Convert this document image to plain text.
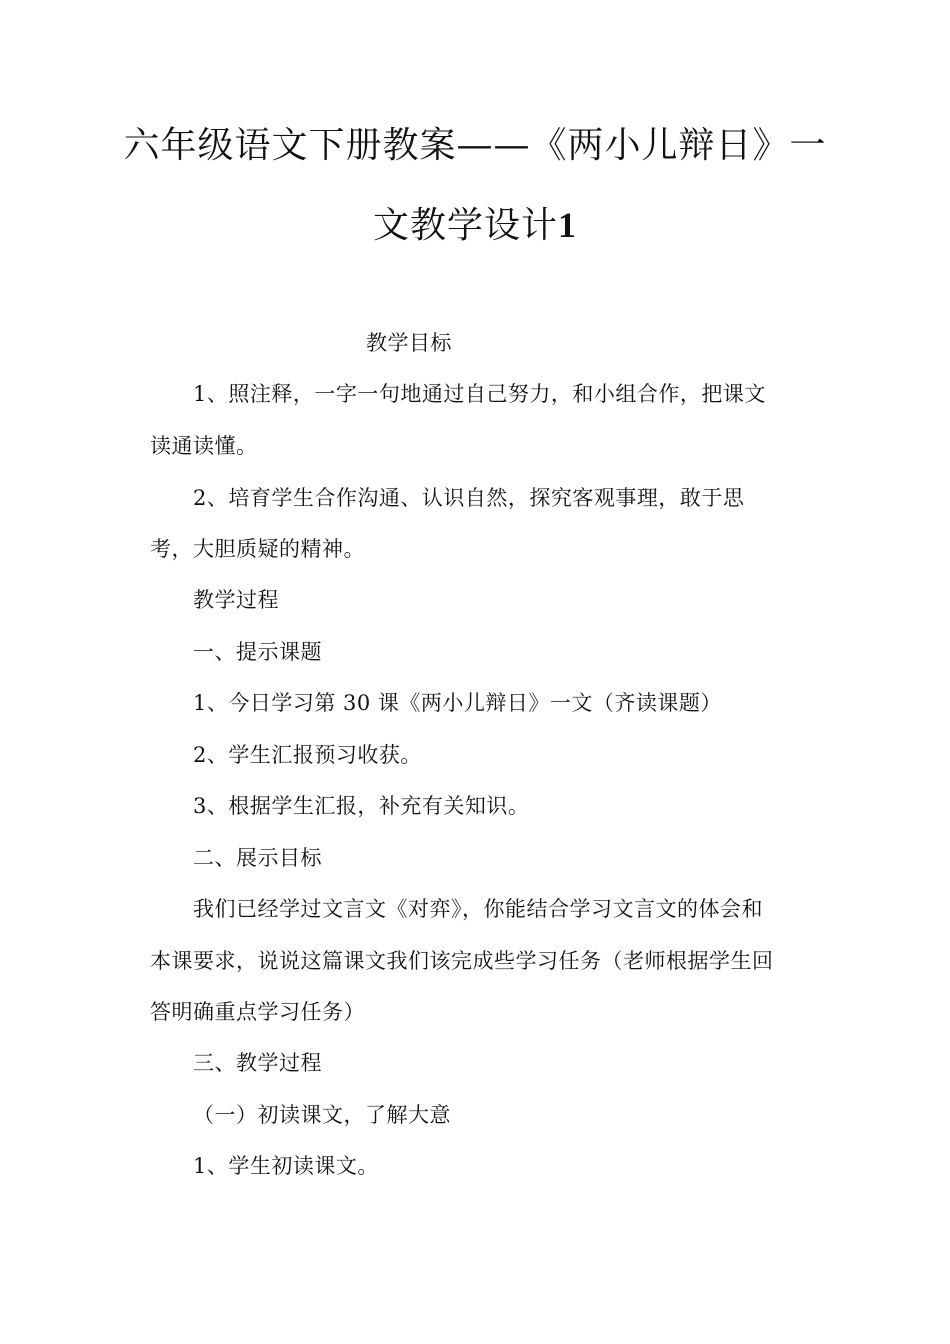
六年级语文下册教案——《两小儿辩日》一
文教学设计1
教学目标
1、照注释，一字一句地通过自己努力，和小组合作，把课文
读通读懂。
2、培育学生合作沟通、认识自然，探究客观事理，敢于思
考，大胆质疑的精神。
教学过程
一、提示课题
1、今日学习第 30 课《两小儿辩日》一文（齐读课题）
2、学生汇报预习收获。
3、根据学生汇报，补充有关知识。
二、展示目标
我们已经学过文言文《对弈》，你能结合学习文言文的体会和
本课要求，说说这篇课文我们该完成些学习任务（老师根据学生回
答明确重点学习任务）
三、教学过程
（一）初读课文，了解大意
1、学生初读课文。
